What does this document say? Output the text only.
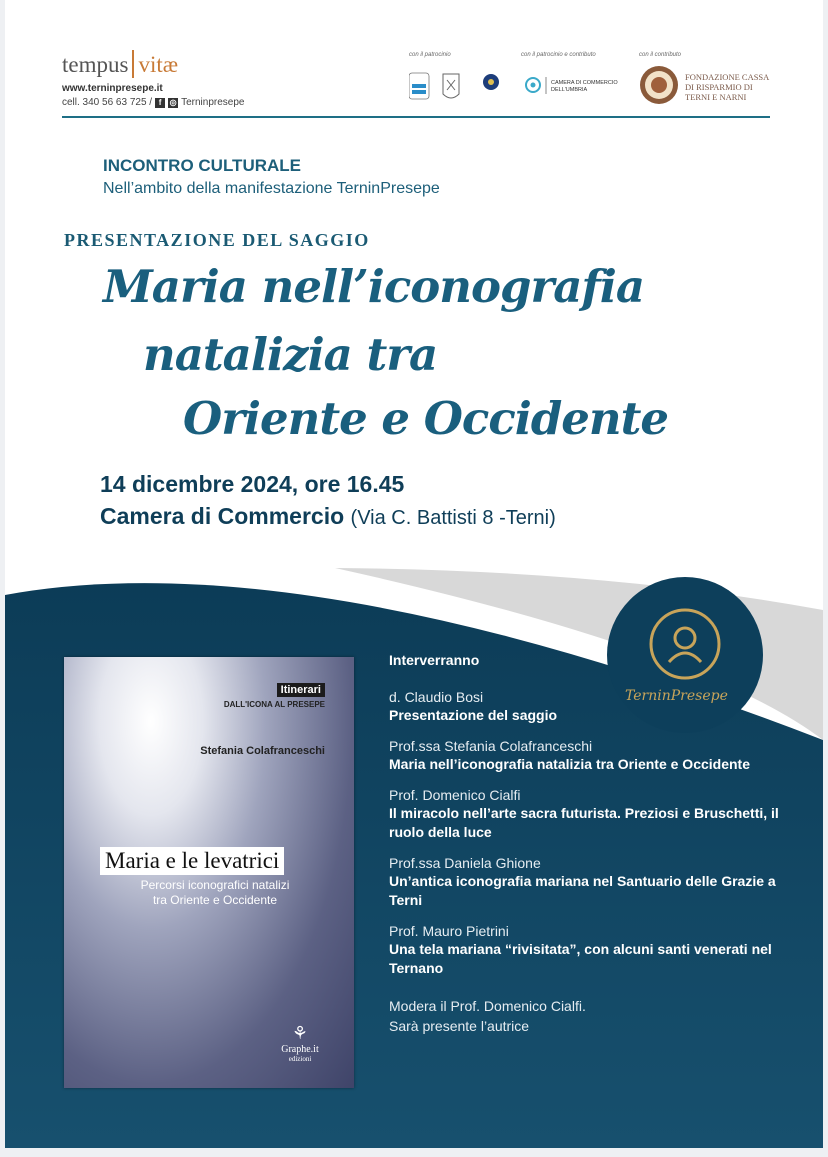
tempus vitæ
www.terninpresepe.it
cell. 340 56 63 725 / f	◎ Terninpresepe
con il patrocinio	con il patrocinio e contributo	con il contributo
CAMERA DI COMMERCIO DELL'UMBRIA
FONDAZIONE CASSA DI RISPARMIO DI TERNI E NARNI
INCONTRO CULTURALE
Nell’ambito della manifestazione TerninPresepe
PRESENTAZIONE DEL SAGGIO
Maria nell’iconografia
natalizia tra
Oriente e Occidente
14 dicembre 2024, ore 16.45
Camera di Commercio (Via C. Battisti 8 -Terni)
TerninPresepe
Itinerari
DALL'ICONA AL PRESEPE
Stefania Colafranceschi
Maria e le levatrici
Percorsi iconografici natalizi
tra Oriente e Occidente
⚘
Graphe.it
edizioni
Interverranno
d. Claudio Bosi
Presentazione del saggio
Prof.ssa Stefania Colafranceschi
Maria nell’iconografia natalizia tra Oriente e Occidente
Prof. Domenico Cialfi
Il miracolo nell’arte sacra futurista. Preziosi e Bruschetti, il ruolo della luce
Prof.ssa Daniela Ghione
Un’antica iconografia mariana nel Santuario delle Grazie a Terni
Prof. Mauro Pietrini
Una tela mariana “rivisitata”, con alcuni santi venerati nel Ternano
Modera il Prof. Domenico Cialfi.
Sarà presente l’autrice
